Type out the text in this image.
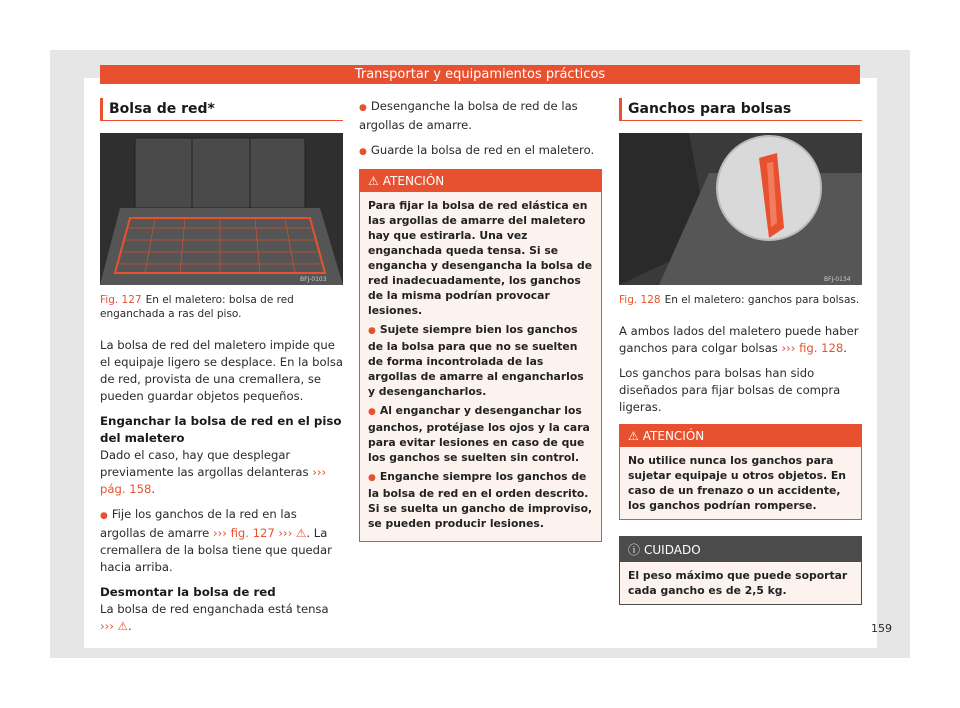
Transportar y equipamientos prácticos
Bolsa de red*
BFJ-0103
Fig. 127 En el maletero: bolsa de red enganchada a ras del piso.

La bolsa de red del maletero impide que el equipaje ligero se desplace. En la bolsa de red, provista de una cremallera, se pueden guardar objetos pequeños.

Enganchar la bolsa de red en el piso del maletero

Dado el caso, hay que desplegar previamente las argollas delanteras ››› pág. 158.

● Fije los ganchos de la red en las argollas de amarre ››› fig. 127 ››› ⚠. La cremallera de la bolsa tiene que quedar hacia arriba.

Desmontar la bolsa de red

La bolsa de red enganchada está tensa ››› ⚠.

● Desenganche la bolsa de red de las argollas de amarre.

● Guarde la bolsa de red en el maletero.

⚠ ATENCIÓN
Para fijar la bolsa de red elástica en las argollas de amarre del maletero hay que estirarla. Una vez enganchada queda tensa. Si se engancha y desengancha la bolsa de red inadecuadamente, los ganchos de la misma podrían provocar lesiones.
● Sujete siempre bien los ganchos de la bolsa para que no se suelten de forma incontrolada de las argollas de amarre al engancharlos y desengancharlos.
● Al enganchar y desenganchar los ganchos, protéjase los ojos y la cara para evitar lesiones en caso de que los ganchos se suelten sin control.
● Enganche siempre los ganchos de la bolsa de red en el orden descrito. Si se suelta un gancho de improviso, se pueden producir lesiones.
Ganchos para bolsas
BFJ-0134
Fig. 128 En el maletero: ganchos para bolsas.

A ambos lados del maletero puede haber ganchos para colgar bolsas ››› fig. 128.

Los ganchos para bolsas han sido diseñados para fijar bolsas de compra ligeras.

⚠ ATENCIÓN
No utilice nunca los ganchos para sujetar equipaje u otros objetos. En caso de un frenazo o un accidente, los ganchos podrían romperse.
ⓘ CUIDADO
El peso máximo que puede soportar cada gancho es de 2,5 kg.
159
